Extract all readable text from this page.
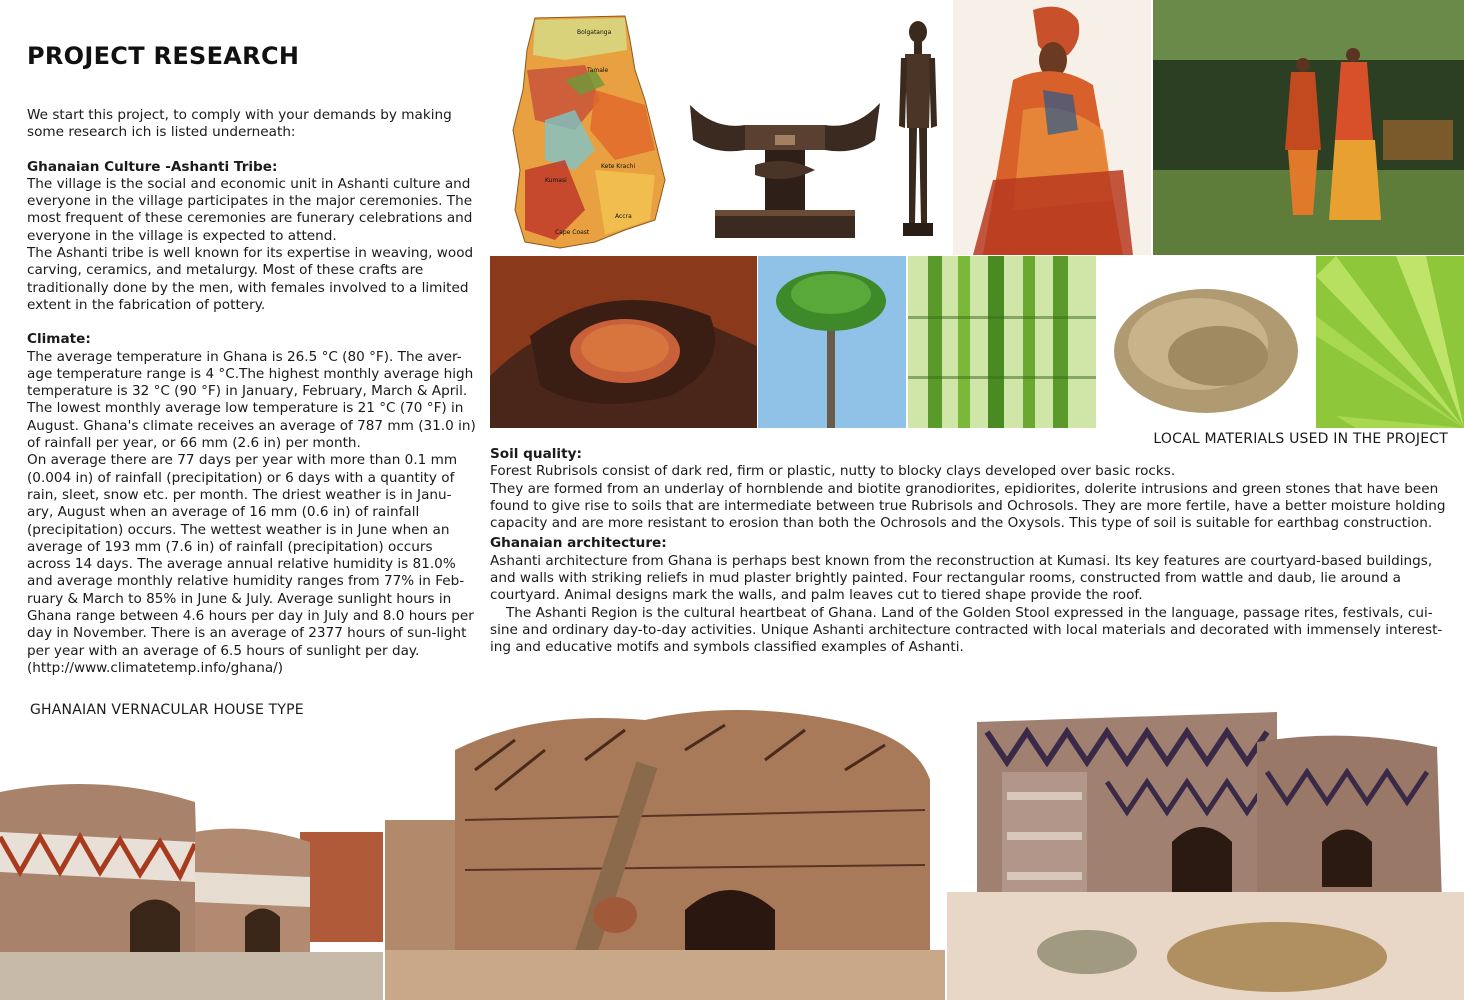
PROJECT RESEARCH

We start this project, to comply with your demands by making some research ich is listed underneath:

Ghanaian Culture -Ashanti Tribe:

The village is the social and economic unit in Ashanti culture and everyone in the village participates in the major ceremonies. The most frequent of these ceremonies are funerary celebrations and everyone in the village is expected to attend.

The Ashanti tribe is well known for its expertise in weaving, wood carving, ceramics, and metalurgy. Most of these crafts are traditionally done by the men, with females involved to a limited extent in the fabrication of pottery.

Climate:

The average temperature in Ghana is 26.5 °C (80 °F). The aver-age temperature range is 4 °C.The highest monthly average high temperature is 32 °C (90 °F) in January, February, March & April. The lowest monthly average low temperature is 21 °C (70 °F) in August. Ghana's climate receives an average of 787 mm (31.0 in) of rainfall per year, or 66 mm (2.6 in) per month.

On average there are 77 days per year with more than 0.1 mm (0.004 in) of rainfall (precipitation) or 6 days with a quantity of rain, sleet, snow etc. per month. The driest weather is in Janu-ary, August when an average of 16 mm (0.6 in) of rainfall (precipitation) occurs. The wettest weather is in June when an average of 193 mm (7.6 in) of rainfall (precipitation) occurs across 14 days. The average annual relative humidity is 81.0% and average monthly relative humidity ranges from 77% in Feb-ruary & March to 85% in June & July. Average sunlight hours in Ghana range between 4.6 hours per day in July and 8.0 hours per day in November. There is an average of 2377 hours of sun-light per year with an average of 6.5 hours of sunlight per day.

(http://www.climatetemp.info/ghana/)

Bolgatanga
Tamale
Kete Krachi
Kumasi
Accra
Cape Coast
LOCAL MATERIALS USED IN THE PROJECT

Soil quality:

Forest Rubrisols consist of dark red, firm or plastic, nutty to blocky clays developed over basic rocks.

They are formed from an underlay of hornblende and biotite granodiorites, epidiorites, dolerite intrusions and green stones that have been found to give rise to soils that are intermediate between true Rubrisols and Ochrosols. They are more fertile, have a better moisture holding capacity and are more resistant to erosion than both the Ochrosols and the Oxysols. This type of soil is suitable for earthbag construction.

Ghanaian architecture:

Ashanti architecture from Ghana is perhaps best known from the reconstruction at Kumasi. Its key features are courtyard-based buildings, and walls with striking reliefs in mud plaster brightly painted. Four rectangular rooms, constructed from wattle and daub, lie around a courtyard. Animal designs mark the walls, and palm leaves cut to tiered shape provide the roof.

The Ashanti Region is the cultural heartbeat of Ghana. Land of the Golden Stool expressed in the language, passage rites, festivals, cui-sine and ordinary day-to-day activities. Unique Ashanti architecture contracted with local materials and decorated with immensely interest-ing and educative motifs and symbols classified examples of Ashanti.

GHANAIAN VERNACULAR HOUSE TYPE
